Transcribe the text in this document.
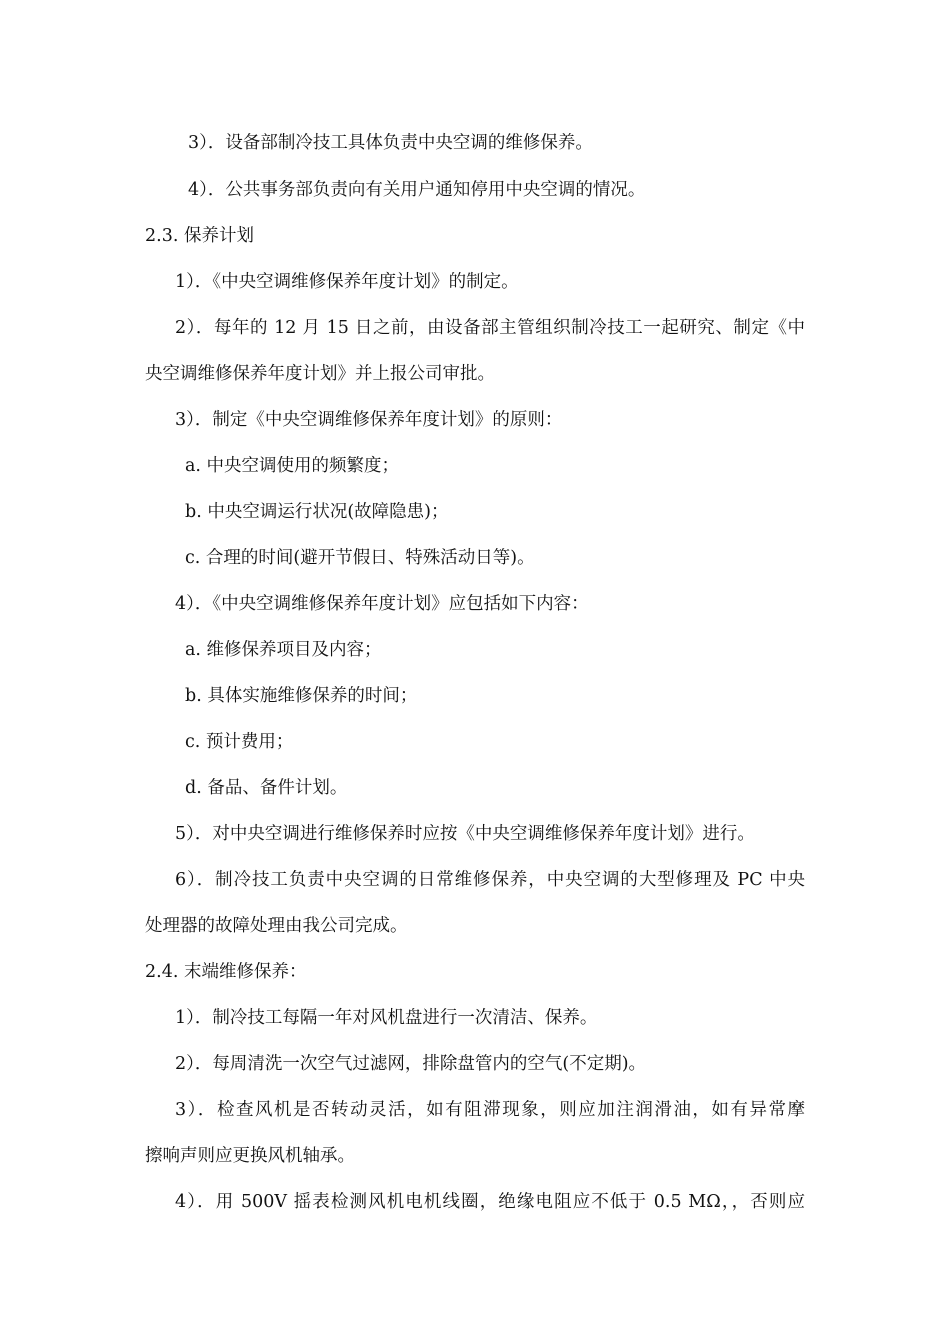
3）．设备部制冷技工具体负责中央空调的维修保养。
4）．公共事务部负责向有关用户通知停用中央空调的情况。
2.3. 保养计划
1）．《中央空调维修保养年度计划》的制定。
2）．每年的 12 月 15 日之前，由设备部主管组织制冷技工一起研究、制定《中
央空调维修保养年度计划》并上报公司审批。
3）．制定《中央空调维修保养年度计划》的原则：
a. 中央空调使用的频繁度；
b. 中央空调运行状况(故障隐患)；
c. 合理的时间(避开节假日、特殊活动日等)。
4）．《中央空调维修保养年度计划》应包括如下内容：
a. 维修保养项目及内容；
b. 具体实施维修保养的时间；
c. 预计费用；
d. 备品、备件计划。
5）．对中央空调进行维修保养时应按《中央空调维修保养年度计划》进行。
6）．制冷技工负责中央空调的日常维修保养，中央空调的大型修理及 PC 中央
处理器的故障处理由我公司完成。
2.4. 末端维修保养：
1）．制冷技工每隔一年对风机盘进行一次清洁、保养。
2）．每周清洗一次空气过滤网，排除盘管内的空气(不定期)。
3）．检查风机是否转动灵活，如有阻滞现象，则应加注润滑油，如有异常摩
擦响声则应更换风机轴承。
4）．用 500V 摇表检测风机电机线圈，绝缘电阻应不低于 0.5 MΩ，，否则应
